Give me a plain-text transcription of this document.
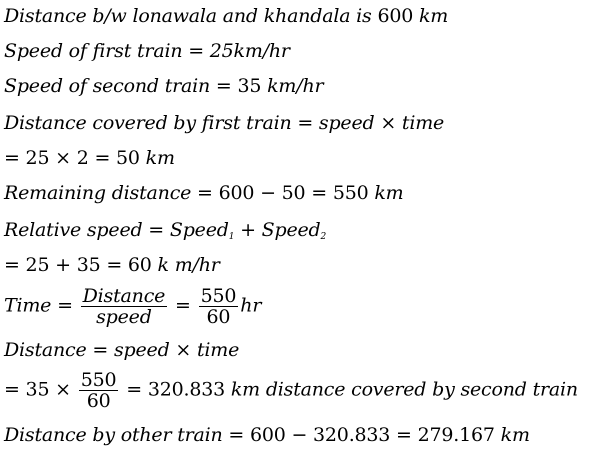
Distance b/w lonawala and khandala is 600 km
Speed of first train = 25km/hr
Speed of second train = 35 km/hr
Distance covered by first train = speed × time
= 25 × 2 = 50 km
Remaining distance = 600 − 50 = 550 km
Relative speed = Speed$_1$ + Speed$_2$
= 25 + 35 = 60 k m/hr
Time = $\frac{\text{Distance}}{\text{speed}} = \frac{550}{60}$ hr
Distance = speed × time
= $35 \times \frac{550}{60} = 320.833$ km distance covered by second train
Distance by other train = 600 − 320.833 = 279.167 km
